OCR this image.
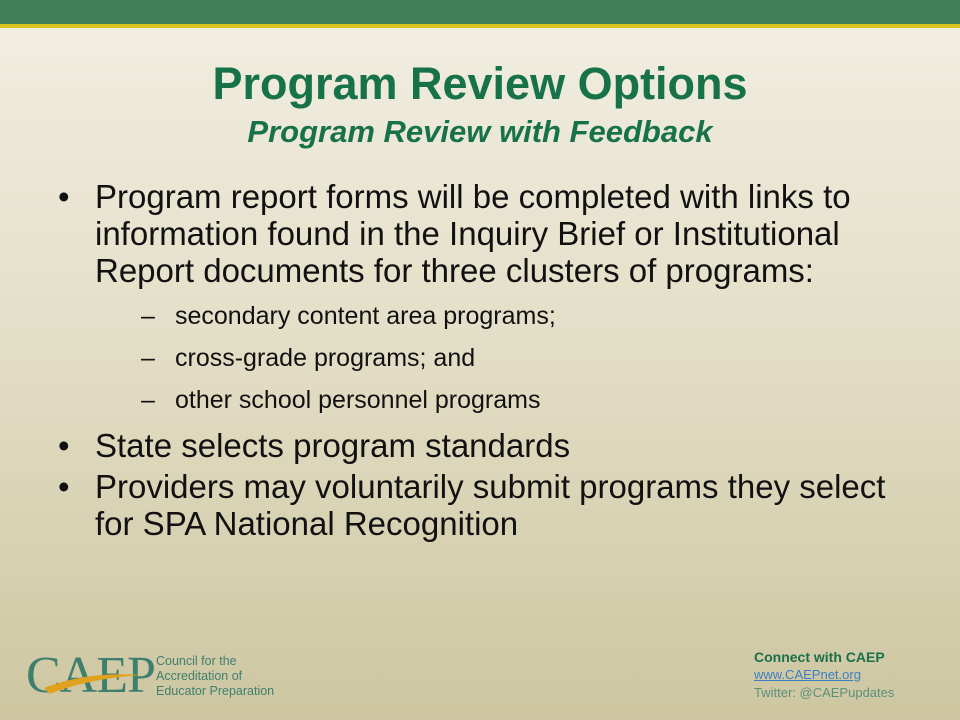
Program Review Options
Program Review with Feedback
• Program report forms will be completed with links to information found in the Inquiry Brief or Institutional Report documents for three clusters of programs:
– secondary content area programs;
– cross-grade programs; and
– other school personnel programs
• State selects program standards
• Providers may voluntarily submit programs they select for SPA National Recognition
CAEP Council for the
Accreditation of
Educator Preparation
Connect with CAEP
www.CAEPnet.org
Twitter: @CAEPupdates
